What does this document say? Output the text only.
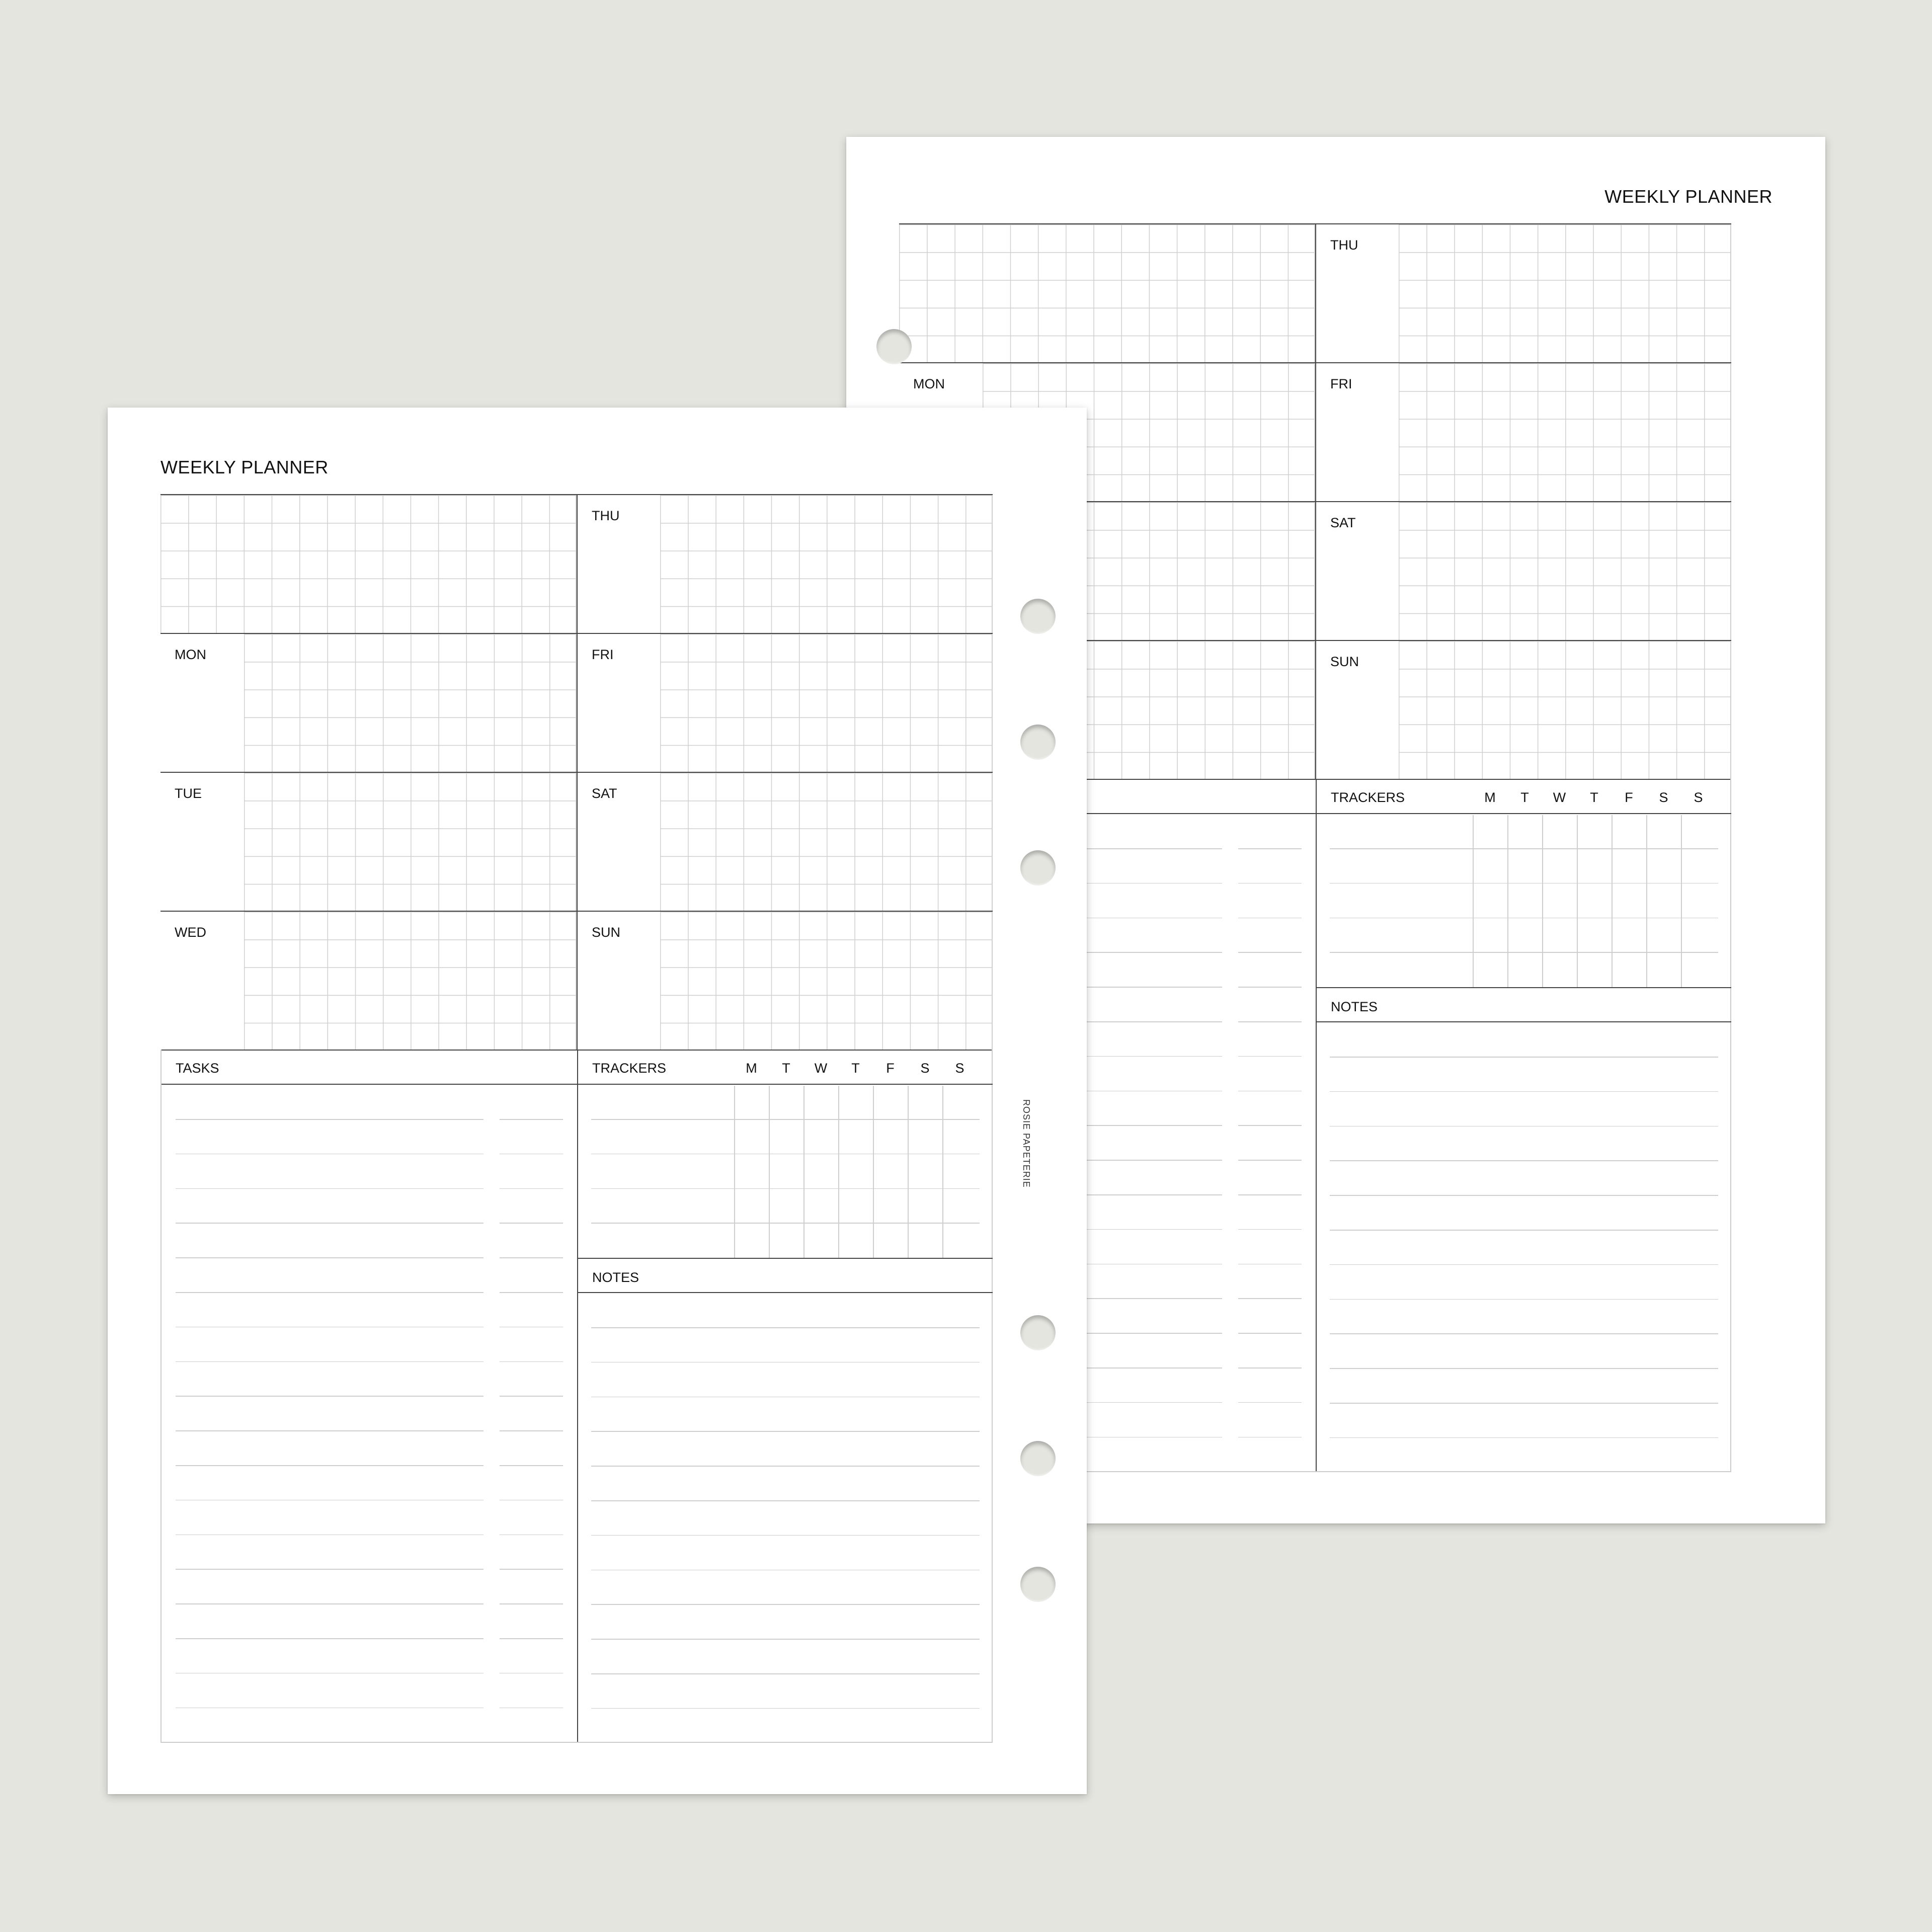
WEEKLY PLANNER

THU

MON	FRI

SAT

SUN

TRACKERS	M	T	W	T	F	S	S

NOTES

WEEKLY PLANNER

THU

MON	FRI

TUE	SAT

WED	SUN

TASKS	TRACKERS	M	T	W	T	F	S	S

NOTES

ROSIE PAPETERIE
